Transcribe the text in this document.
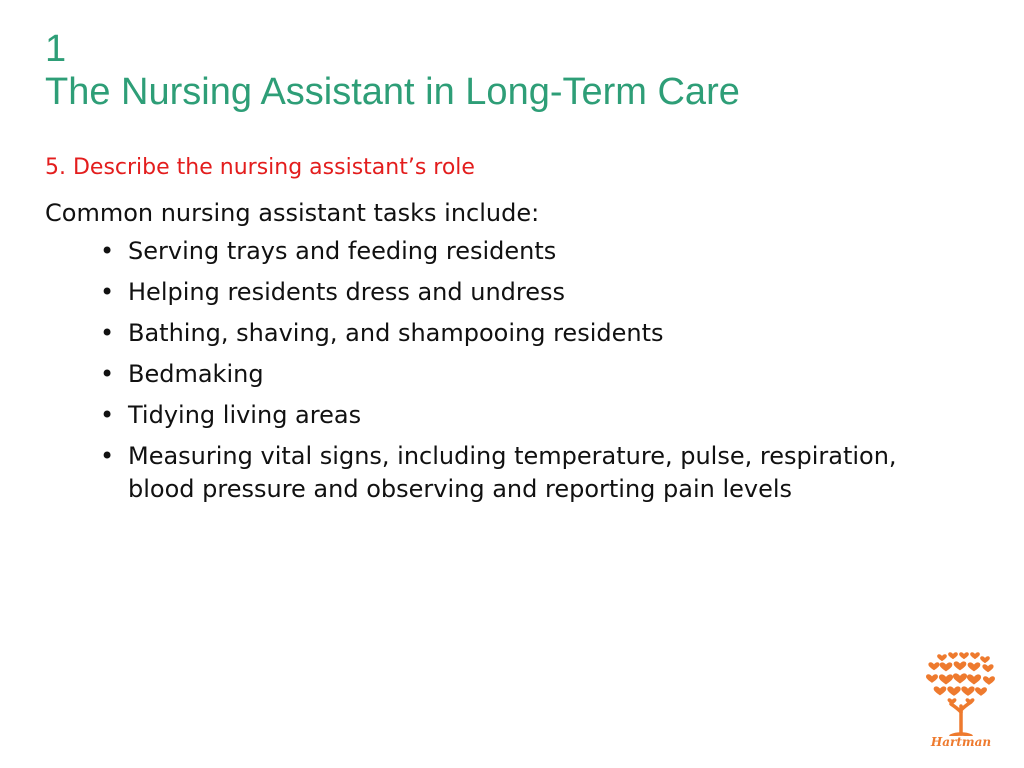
1
The Nursing Assistant in Long-Term Care
5. Describe the nursing assistant’s role

Common nursing assistant tasks include:

• Serving trays and feeding residents
• Helping residents dress and undress
• Bathing, shaving, and shampooing residents
• Bedmaking
• Tidying living areas
• Measuring vital signs, including temperature, pulse, respiration, blood pressure and observing and reporting pain levels
Hartman
